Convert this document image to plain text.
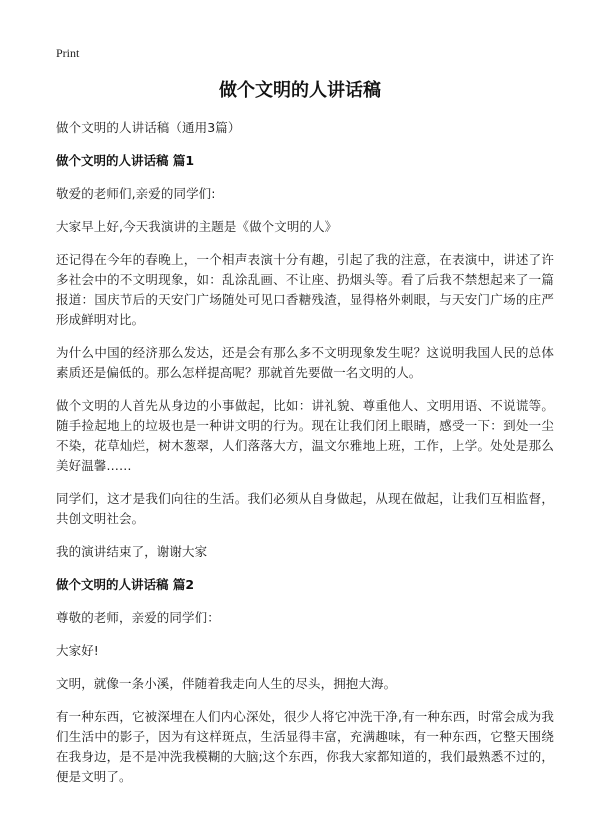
Print
做个文明的人讲话稿

做个文明的人讲话稿（通用3篇）

做个文明的人讲话稿 篇1

敬爱的老师们,亲爱的同学们:

大家早上好,今天我演讲的主题是《做个文明的人》

还记得在今年的春晚上，一个相声表演十分有趣，引起了我的注意，在表演中，讲述了许多社会中的不文明现象，如：乱涂乱画、不让座、扔烟头等。看了后我不禁想起来了一篇报道：国庆节后的天安门广场随处可见口香糖残渣，显得格外刺眼，与天安门广场的庄严形成鲜明对比。

为什么中国的经济那么发达，还是会有那么多不文明现象发生呢？这说明我国人民的总体素质还是偏低的。那么怎样提高呢？那就首先要做一名文明的人。

做个文明的人首先从身边的小事做起，比如：讲礼貌、尊重他人、文明用语、不说谎等。随手捡起地上的垃圾也是一种讲文明的行为。现在让我们闭上眼睛，感受一下：到处一尘不染，花草灿烂，树木葱翠，人们落落大方，温文尔雅地上班，工作，上学。处处是那么美好温馨……

同学们，这才是我们向往的生活。我们必须从自身做起，从现在做起，让我们互相监督，共创文明社会。

我的演讲结束了，谢谢大家

做个文明的人讲话稿 篇2

尊敬的老师，亲爱的同学们：

大家好!

文明，就像一条小溪，伴随着我走向人生的尽头，拥抱大海。

有一种东西，它被深埋在人们内心深处，很少人将它冲洗干净,有一种东西，时常会成为我们生活中的影子，因为有这样斑点，生活显得丰富，充满趣味，有一种东西，它整天围绕在我身边，是不是冲洗我模糊的大脑;这个东西，你我大家都知道的，我们最熟悉不过的，便是文明了。
